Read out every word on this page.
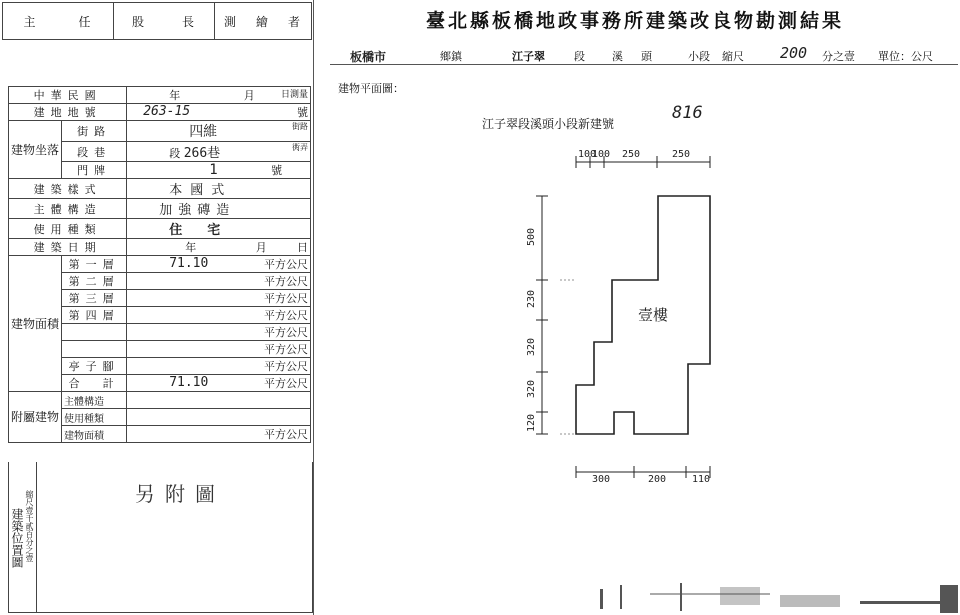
主	任	股	長 測 繪 者	臺北縣板橋地政事務所建築改良物勘測結果
板橋市	鄉鎮	江子翠	段 溪頭 小段 縮尺 200 分之壹 單位：公尺
中華民國		年 月 日測量

建地地號		263-15 號

建物坐落	街路	四維 街路

	段巷	段 266巷 衖弄

	門牌	1 號
建築樣式		本國式
主體構造		加強磚造
使用種類		住　宅
建築日期		年 月 日

建物面積	第一層	71.10 平方公尺

	第二層	平方公尺

	第三層	平方公尺

	第四層	平方公尺

		平方公尺

		平方公尺

	亭子腳	平方公尺

	合　計	71.10 平方公尺

附屬建物	主體構造	
	使用種類	
	建物面積	平方公尺
建築位置圖 縮尺壹千貳百分之壹	另附圖
建物平面圖：
江子翠段溪頭小段新建號
816
100
100 250	250
500
230
320
320
120
300	200	110
壹樓
